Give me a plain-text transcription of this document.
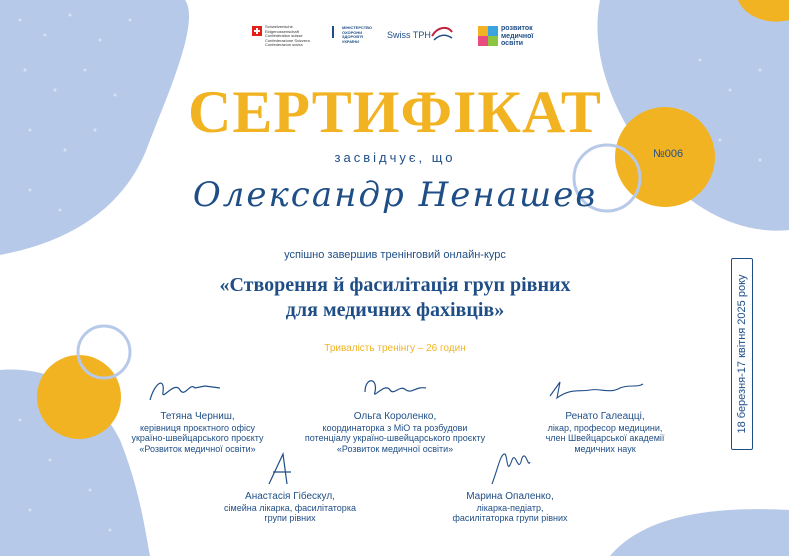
Schweizerische Eidgenossenschaft Confédération suisse Confederazione Svizzera Confederaziun svizra
МІНІСТЕРСТВО ОХОРОНИ ЗДОРОВ'Я УКРАЇНИ
Swiss TPH
розвиток медичної освіти
СЕРТИФІКАТ
засвідчує, що	№006
Олександр Ненашев
успішно завершив тренінговий онлайн-курс
«Створення й фасилітація груп рівних
для медичних фахівців»
Тривалість тренінгу – 26 годин	18 березня-17 квітня 2025 року
Тетяна Черниш,
керівниця проєктного офісу
україно-швейцарського проєкту
«Розвиток медичної освіти»
Ольга Короленко,
координаторка з МіО та розбудови
потенціалу україно-швейцарського проєкту
«Розвиток медичної освіти»
Ренато Галеацці,
лікар, професор медицини,
член Швейцарської академії
медичних наук
Анастасія Гібескул,
сімейна лікарка, фасилітаторка
групи рівних
Марина Опаленко,
лікарка-педіатр,
фасилітаторка групи рівних
